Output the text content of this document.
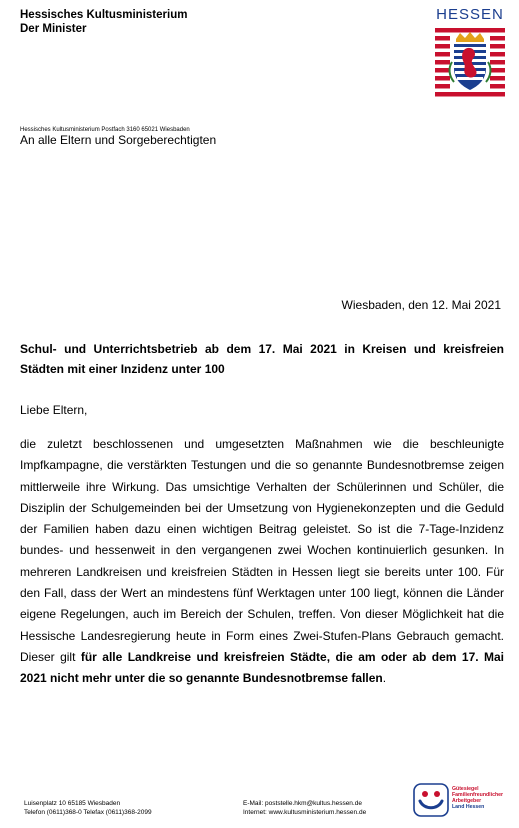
Hessisches Kultusministerium
Der Minister
HESSEN
Hessisches Kultusministerium Postfach 3160 65021 Wiesbaden
An alle Eltern und Sorgeberechtigten
Wiesbaden, den 12. Mai 2021
Schul- und Unterrichtsbetrieb ab dem 17. Mai 2021 in Kreisen und kreisfreien Städten mit einer Inzidenz unter 100
Liebe Eltern,
die zuletzt beschlossenen und umgesetzten Maßnahmen wie die beschleunigte Impfkampagne, die verstärkten Testungen und die so genannte Bundesnotbremse zeigen mittlerweile ihre Wirkung. Das umsichtige Verhalten der Schülerinnen und Schüler, die Disziplin der Schulgemeinden bei der Umsetzung von Hygienekonzepten und die Geduld der Familien haben dazu einen wichtigen Beitrag geleistet. So ist die 7-Tage-Inzidenz bundes- und hessenweit in den vergangenen zwei Wochen kontinuierlich gesunken. In mehreren Landkreisen und kreisfreien Städten in Hessen liegt sie bereits unter 100. Für den Fall, dass der Wert an mindestens fünf Werktagen unter 100 liegt, können die Länder eigene Regelungen, auch im Bereich der Schulen, treffen. Von dieser Möglichkeit hat die Hessische Landesregierung heute in Form eines Zwei-Stufen-Plans Gebrauch gemacht. Dieser gilt für alle Landkreise und kreisfreien Städte, die am oder ab dem 17. Mai 2021 nicht mehr unter die so genannte Bundesnotbremse fallen.
Luisenplatz 10 65185 Wiesbaden
Telefon (0611)368-0 Telefax (0611)368-2099
E-Mail: poststelle.hkm@kultus.hessen.de
Internet: www.kultusministerium.hessen.de
Gütesiegel
Familienfreundlicher
Arbeitgeber
Land Hessen
